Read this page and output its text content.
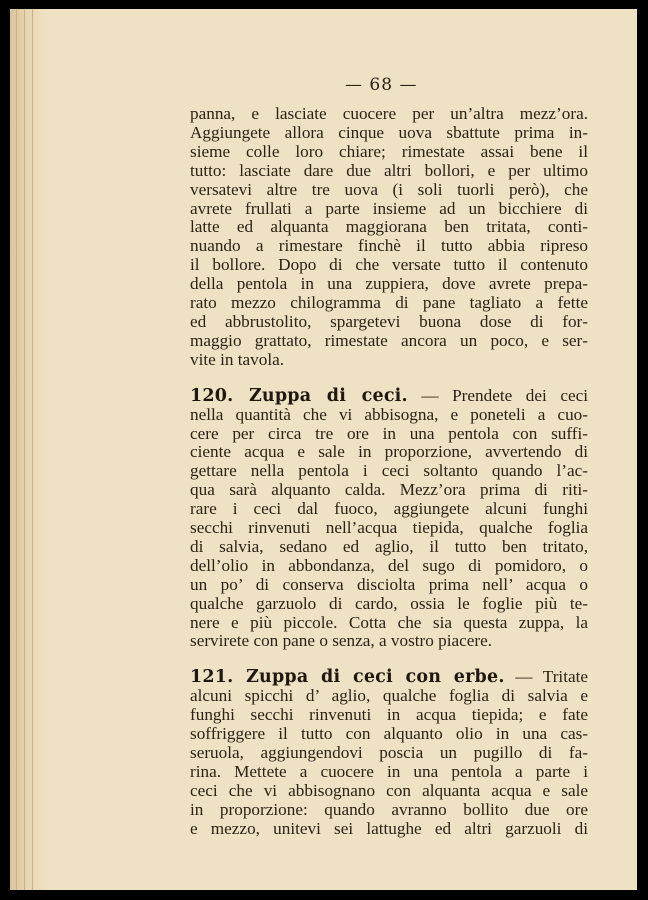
— 68 —
panna, e lasciate cuocere per un’altra mezz’ora.
Aggiungete allora cinque uova sbattute prima in‐
sieme colle loro chiare; rimestate assai bene il
tutto: lasciate dare due altri bollori, e per ultimo
versatevi altre tre uova (i soli tuorli però), che
avrete frullati a parte insieme ad un bicchiere di
latte ed alquanta maggiorana ben tritata, conti‐
nuando a rimestare finchè il tutto abbia ripreso
il bollore. Dopo di che versate tutto il contenuto
della pentola in una zuppiera, dove avrete prepa‐
rato mezzo chilogramma di pane tagliato a fette
ed abbrustolito, spargetevi buona dose di for‐
maggio grattato, rimestate ancora un poco, e ser‐
vite in tavola.
120. Zuppa di ceci. — Prendete dei ceci
nella quantità che vi abbisogna, e poneteli a cuo‐
cere per circa tre ore in una pentola con suffi‐
ciente acqua e sale in proporzione, avvertendo di
gettare nella pentola i ceci soltanto quando l’ac‐
qua sarà alquanto calda. Mezz’ora prima di riti‐
rare i ceci dal fuoco, aggiungete alcuni funghi
secchi rinvenuti nell’acqua tiepida, qualche foglia
di salvia, sedano ed aglio, il tutto ben tritato,
dell’olio in abbondanza, del sugo di pomidoro, o
un po’ di conserva disciolta prima nell’ acqua o
qualche garzuolo di cardo, ossia le foglie più te‐
nere e più piccole. Cotta che sia questa zuppa, la
servirete con pane o senza, a vostro piacere.
121. Zuppa di ceci con erbe. — Tritate
alcuni spicchi d’ aglio, qualche foglia di salvia e
funghi secchi rinvenuti in acqua tiepida; e fate
soffriggere il tutto con alquanto olio in una cas‐
seruola, aggiungendovi poscia un pugillo di fa‐
rina. Mettete a cuocere in una pentola a parte i
ceci che vi abbisognano con alquanta acqua e sale
in proporzione: quando avranno bollito due ore
e mezzo, unitevi sei lattughe ed altri garzuoli di
